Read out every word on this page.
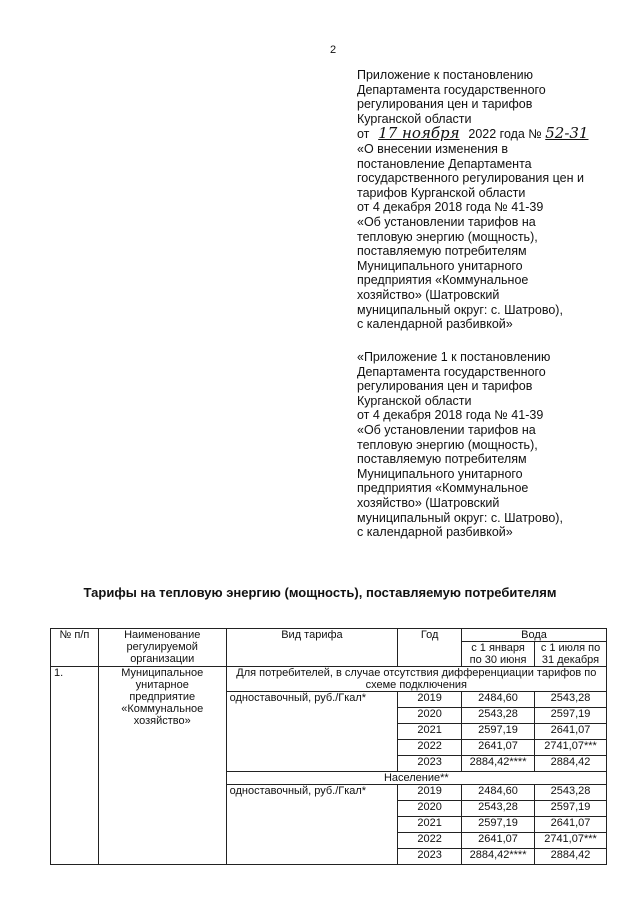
2
Приложение к постановлению
Департамента государственного
регулирования цен и тарифов
Курганской области
от 17 ноября 2022 года № 52-31
«О внесении изменения в
постановление Департамента
государственного регулирования цен и
тарифов Курганской области
от 4 декабря 2018 года № 41-39
«Об установлении тарифов на
тепловую энергию (мощность),
поставляемую потребителям
Муниципального унитарного
предприятия «Коммунальное
хозяйство» (Шатровский
муниципальный округ: с. Шатрово),
с календарной разбивкой»
«Приложение 1 к постановлению
Департамента государственного
регулирования цен и тарифов
Курганской области
от 4 декабря 2018 года № 41-39
«Об установлении тарифов на
тепловую энергию (мощность),
поставляемую потребителям
Муниципального унитарного
предприятия «Коммунальное
хозяйство» (Шатровский
муниципальный округ: с. Шатрово),
с календарной разбивкой»
Тарифы на тепловую энергию (мощность), поставляемую потребителям
№ п/п	Наименование регулируемой организации	Вид тарифа	Год	Вода	
				с 1 января по 30 июня	с 1 июля по 31 декабря
1.	Муниципальное унитарное предприятие «Коммунальное хозяйство»	Для потребителей, в случае отсутствия дифференциации тарифов по схеме подключения			
		одноставочный, руб./Гкал*	2019	2484,60	2543,28
			2020	2543,28	2597,19
			2021	2597,19	2641,07
			2022	2641,07	2741,07***
			2023	2884,42****	2884,42
		Население**			
		одноставочный, руб./Гкал*	2019	2484,60	2543,28
			2020	2543,28	2597,19
			2021	2597,19	2641,07
			2022	2641,07	2741,07***
			2023	2884,42****	2884,42
